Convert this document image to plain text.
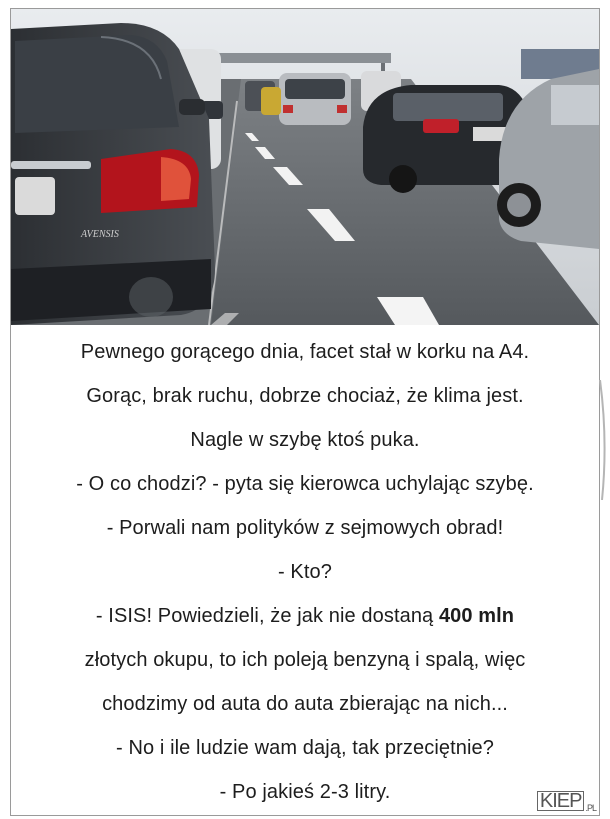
AVENSIS
Pewnego gorącego dnia, facet stał w korku na A4.
Gorąc, brak ruchu, dobrze chociaż, że klima jest.
Nagle w szybę ktoś puka.
- O co chodzi? - pyta się kierowca uchylając szybę.
- Porwali nam polityków z sejmowych obrad!
- Kto?
- ISIS! Powiedzieli, że jak nie dostaną 400 mln
złotych okupu, to ich poleją benzyną i spalą, więc
chodzimy od auta do auta zbierając na nich...
- No i ile ludzie wam dają, tak przeciętnie?
- Po jakieś 2-3 litry.	KIEP .PL
